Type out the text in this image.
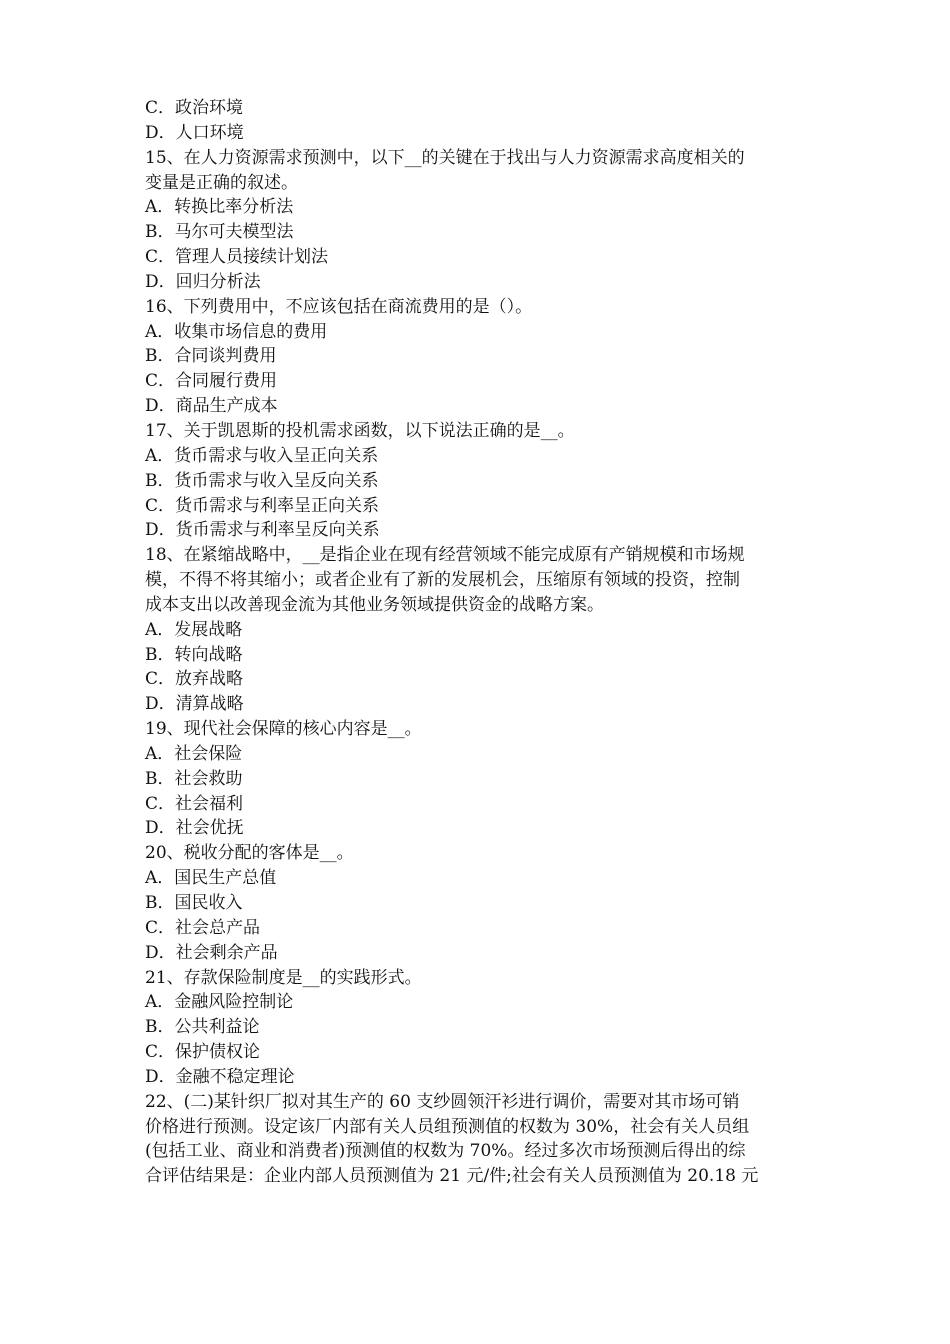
C．政治环境

D．人口环境

15、在人力资源需求预测中，以下__的关键在于找出与人力资源需求高度相关的

变量是正确的叙述。

A．转换比率分析法

B．马尔可夫模型法

C．管理人员接续计划法

D．回归分析法

16、下列费用中，不应该包括在商流费用的是（）。

A．收集市场信息的费用

B．合同谈判费用

C．合同履行费用

D．商品生产成本

17、关于凯恩斯的投机需求函数，以下说法正确的是__。

A．货币需求与收入呈正向关系

B．货币需求与收入呈反向关系

C．货币需求与利率呈正向关系

D．货币需求与利率呈反向关系

18、在紧缩战略中，__是指企业在现有经营领域不能完成原有产销规模和市场规

模，不得不将其缩小；或者企业有了新的发展机会，压缩原有领域的投资，控制

成本支出以改善现金流为其他业务领域提供资金的战略方案。

A．发展战略

B．转向战略

C．放弃战略

D．清算战略

19、现代社会保障的核心内容是__。

A．社会保险

B．社会救助

C．社会福利

D．社会优抚

20、税收分配的客体是__。

A．国民生产总值

B．国民收入

C．社会总产品

D．社会剩余产品

21、存款保险制度是__的实践形式。

A．金融风险控制论

B．公共利益论

C．保护债权论

D．金融不稳定理论

22、(二)某针织厂拟对其生产的 60 支纱圆领汗衫进行调价，需要对其市场可销

价格进行预测。设定该厂内部有关人员组预测值的权数为 30%，社会有关人员组

(包括工业、商业和消费者)预测值的权数为 70%。经过多次市场预测后得出的综

合评估结果是：企业内部人员预测值为 21 元/件;社会有关人员预测值为 20.18 元
